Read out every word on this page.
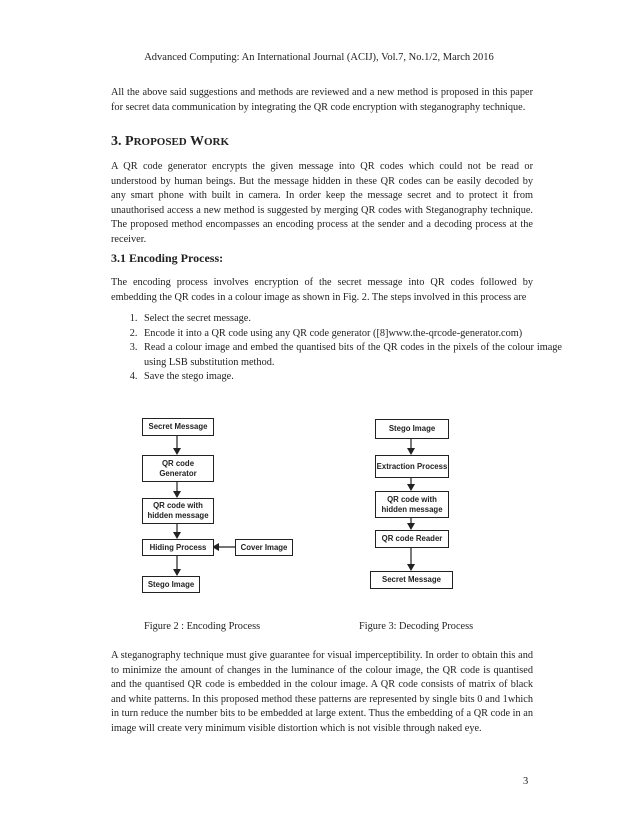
Advanced Computing: An International Journal (ACIJ), Vol.7, No.1/2, March 2016

All the above said suggestions and methods are reviewed and a new method is proposed in this paper for secret data communication by integrating the QR code encryption with steganography technique.

3. PROPOSED WORK

A QR code generator encrypts the given message into QR codes which could not be read or understood by human beings. But the message hidden in these QR codes can be easily decoded by any smart phone with built in camera. In order keep the message secret and to protect it from unauthorised access a new method is suggested by merging QR codes with Steganography technique. The proposed method encompasses an encoding process at the sender and a decoding process at the receiver.

3.1 Encoding Process:

The encoding process involves encryption of the secret message into QR codes followed by embedding the QR codes in a colour image as shown in Fig. 2. The steps involved in this process are

1. Select the secret message.
2. Encode it into a QR code using any QR code generator ([8]www.the-qrcode-generator.com)
3. Read a colour image and embed the quantised bits of the QR codes in the pixels of the colour image using LSB substitution method.
4. Save the stego image.
Secret Message
QR code Generator
QR code with hidden message
Hiding Process	Cover Image
Stego Image
Stego Image
Extraction Process
QR code with hidden message
QR code Reader
Secret Message
Figure 2 : Encoding Process	Figure 3: Decoding Process

A steganography technique must give guarantee for visual imperceptibility. In order to obtain this and to minimize the amount of changes in the luminance of the colour image, the QR code is quantised and the quantised QR code is embedded in the colour image. A QR code consists of matrix of black and white patterns. In this proposed method these patterns are represented by single bits 0 and 1which in turn reduce the number bits to be embedded at large extent. Thus the embedding of a QR code in an image will create very minimum visible distortion which is not visible through naked eye.

3
